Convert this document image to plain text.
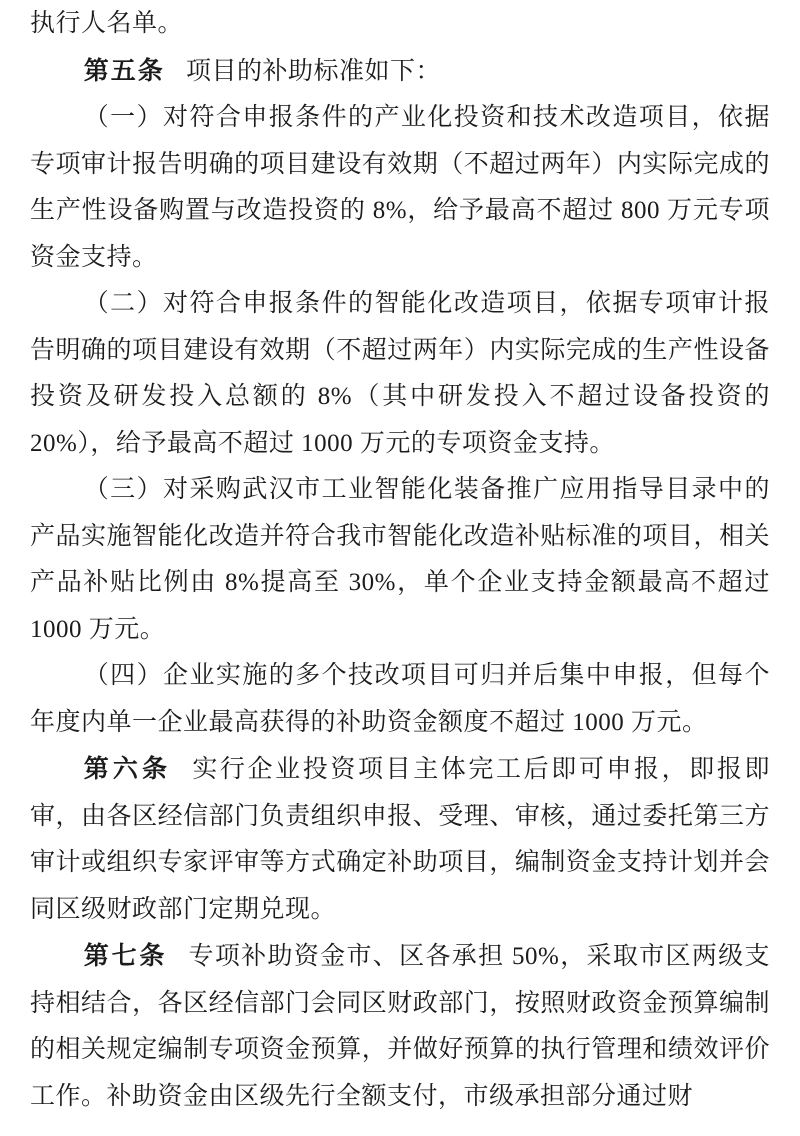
执行人名单。

第五条 项目的补助标准如下：

（一）对符合申报条件的产业化投资和技术改造项目，依据专项审计报告明确的项目建设有效期（不超过两年）内实际完成的生产性设备购置与改造投资的 8%，给予最高不超过 800 万元专项资金支持。

（二）对符合申报条件的智能化改造项目，依据专项审计报告明确的项目建设有效期（不超过两年）内实际完成的生产性设备投资及研发投入总额的 8%（其中研发投入不超过设备投资的 20%），给予最高不超过 1000 万元的专项资金支持。

（三）对采购武汉市工业智能化装备推广应用指导目录中的产品实施智能化改造并符合我市智能化改造补贴标准的项目，相关产品补贴比例由 8%提高至 30%，单个企业支持金额最高不超过 1000 万元。

（四）企业实施的多个技改项目可归并后集中申报，但每个年度内单一企业最高获得的补助资金额度不超过 1000 万元。

第六条 实行企业投资项目主体完工后即可申报，即报即审，由各区经信部门负责组织申报、受理、审核，通过委托第三方审计或组织专家评审等方式确定补助项目，编制资金支持计划并会同区级财政部门定期兑现。

第七条 专项补助资金市、区各承担 50%，采取市区两级支持相结合，各区经信部门会同区财政部门，按照财政资金预算编制的相关规定编制专项资金预算，并做好预算的执行管理和绩效评价工作。补助资金由区级先行全额支付，市级承担部分通过财
